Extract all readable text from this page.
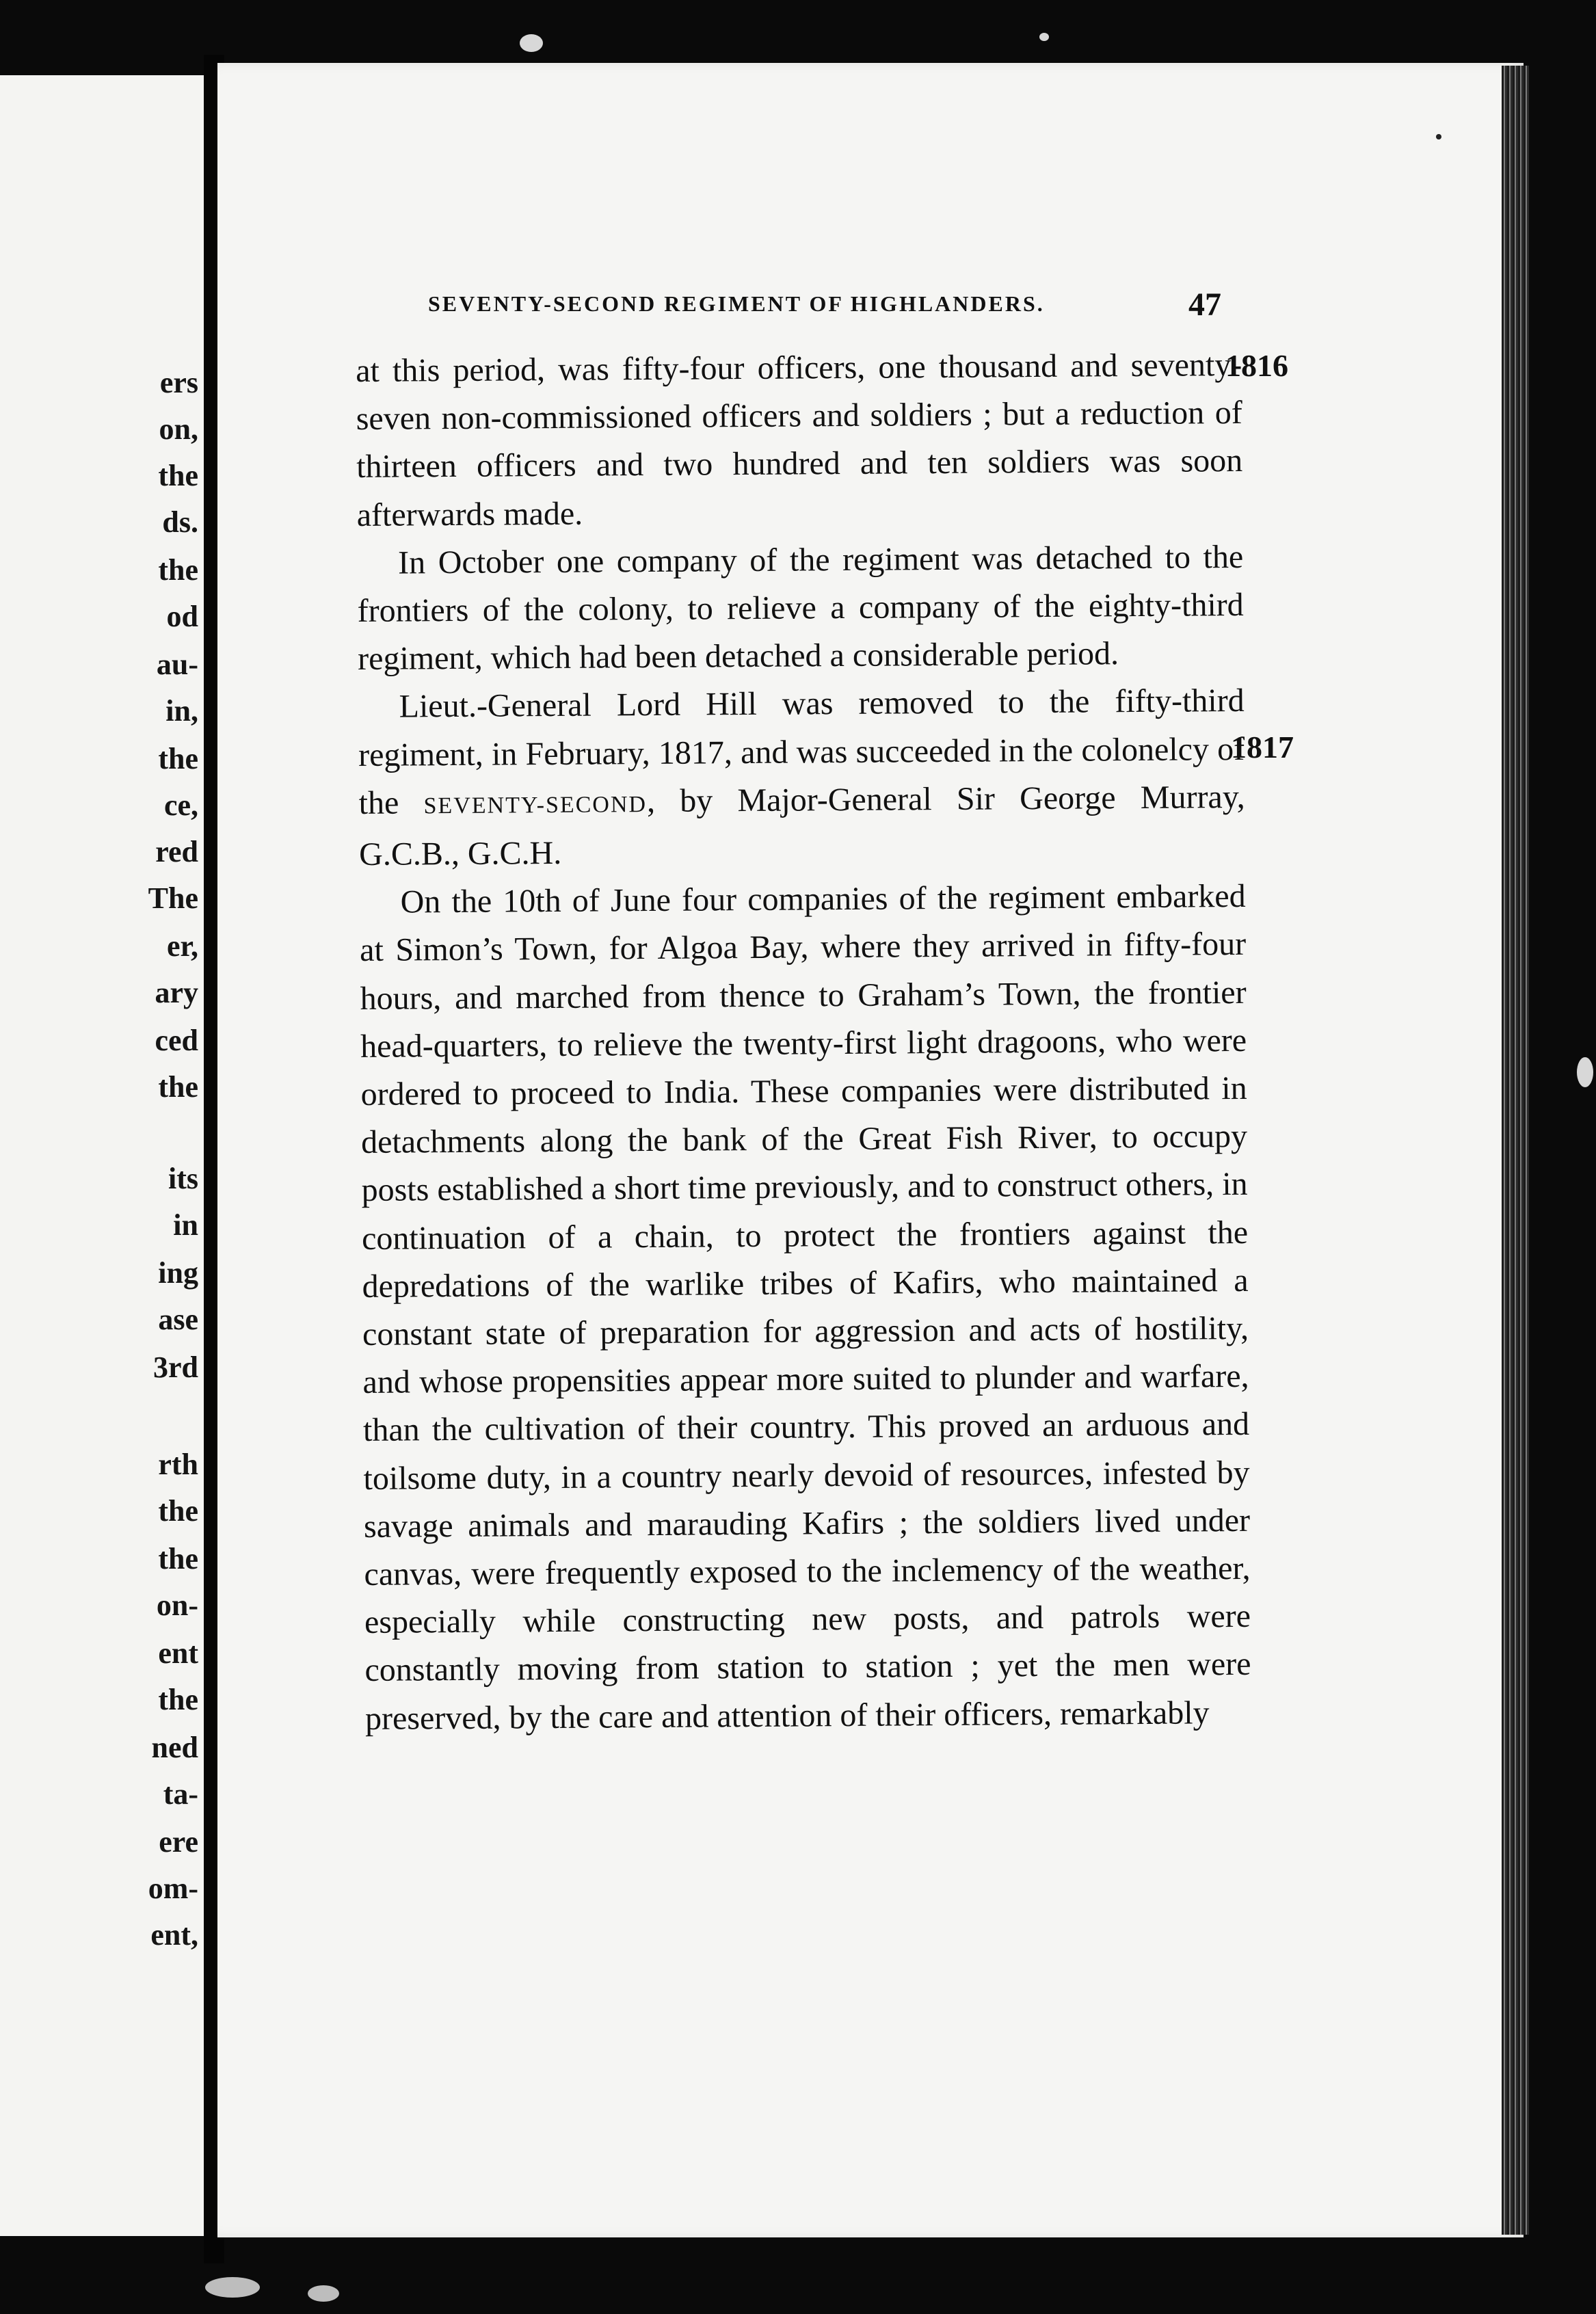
ers
on,
the
ds.
the
od
au-
in,
the
ce,
red
The
er,
ary
ced
the
its
in
ing
ase
3rd
rth
the
the
on-
ent
the
ned
ta-
ere
om-
ent,
SEVENTY-SECOND REGIMENT OF HIGHLANDERS.	47
1816
1817

at this period, was fifty-four officers, one thousand and seventy-seven non-commissioned officers and soldiers ; but a reduction of thirteen officers and two hundred and ten soldiers was soon afterwards made.

In October one company of the regiment was detached to the frontiers of the colony, to relieve a company of the eighty-third regiment, which had been detached a considerable period.

Lieut.-General Lord Hill was removed to the fifty-third regiment, in February, 1817, and was succeeded in the colonelcy of the SEVENTY-SECOND, by Major-General Sir George Murray, G.C.B., G.C.H.

On the 10th of June four companies of the regiment embarked at Simon’s Town, for Algoa Bay, where they arrived in fifty-four hours, and marched from thence to Graham’s Town, the frontier head-quarters, to relieve the twenty-first light dragoons, who were ordered to proceed to India. These companies were distributed in detachments along the bank of the Great Fish River, to occupy posts established a short time previously, and to construct others, in continuation of a chain, to protect the frontiers against the depredations of the warlike tribes of Kafirs, who maintained a constant state of preparation for aggression and acts of hostility, and whose propensities appear more suited to plunder and warfare, than the cultivation of their country. This proved an arduous and toilsome duty, in a country nearly devoid of resources, infested by savage animals and marauding Kafirs ; the soldiers lived under canvas, were frequently exposed to the inclemency of the weather, especially while constructing new posts, and patrols were constantly moving from station to station ; yet the men were preserved, by the care and attention of their officers, remarkably
